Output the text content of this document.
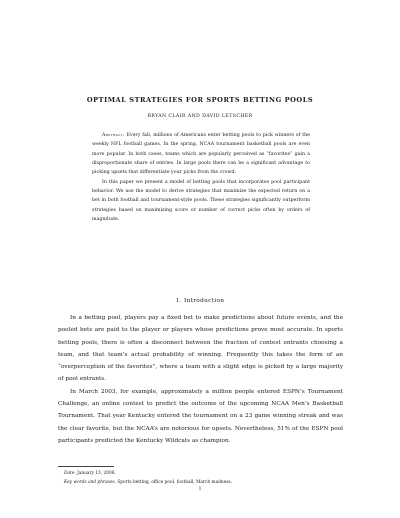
OPTIMAL STRATEGIES FOR SPORTS BETTING POOLS
BRYAN CLAIR AND DAVID LETSCHER

Abstract. Every fall, millions of Americans enter betting pools to pick winners of the weekly NFL football games. In the spring, NCAA tournament basketball pools are even more popular. In both cases, teams which are popularly perceived as “favorites” gain a disproportionate share of entries. In large pools there can be a significant advantage to picking upsets that differentiate your picks from the crowd.

In this paper we present a model of betting pools that incorporates pool participant behavior. We use the model to derive strategies that maximize the expected return on a bet in both football and tournament-style pools. These strategies significantly outperform strategies based on maximizing score or number of correct picks often by orders of magnitude.

1. Introduction

In a betting pool, players pay a fixed bet to make predictions about future events, and the pooled bets are paid to the player or players whose predictions prove most accurate. In sports betting pools, there is often a disconnect between the fraction of contest entrants choosing a team, and that team’s actual probability of winning. Frequently this takes the form of an “overperception of the favorites”, where a team with a slight edge is picked by a large majority of pool entrants.

In March 2003, for example, approximately a million people entered ESPN’s Tournament Challenge, an online contest to predict the outcome of the upcoming NCAA Men’s Basketball Tournament. That year Kentucky entered the tournament on a 23 game winning streak and was the clear favorite, but the NCAA’s are notorious for upsets. Nevertheless, 51% of the ESPN pool participants predicted the Kentucky Wildcats as champion.

Date: January 13, 2006.
Key words and phrases. Sports betting, office pool, football, March madness.
1
